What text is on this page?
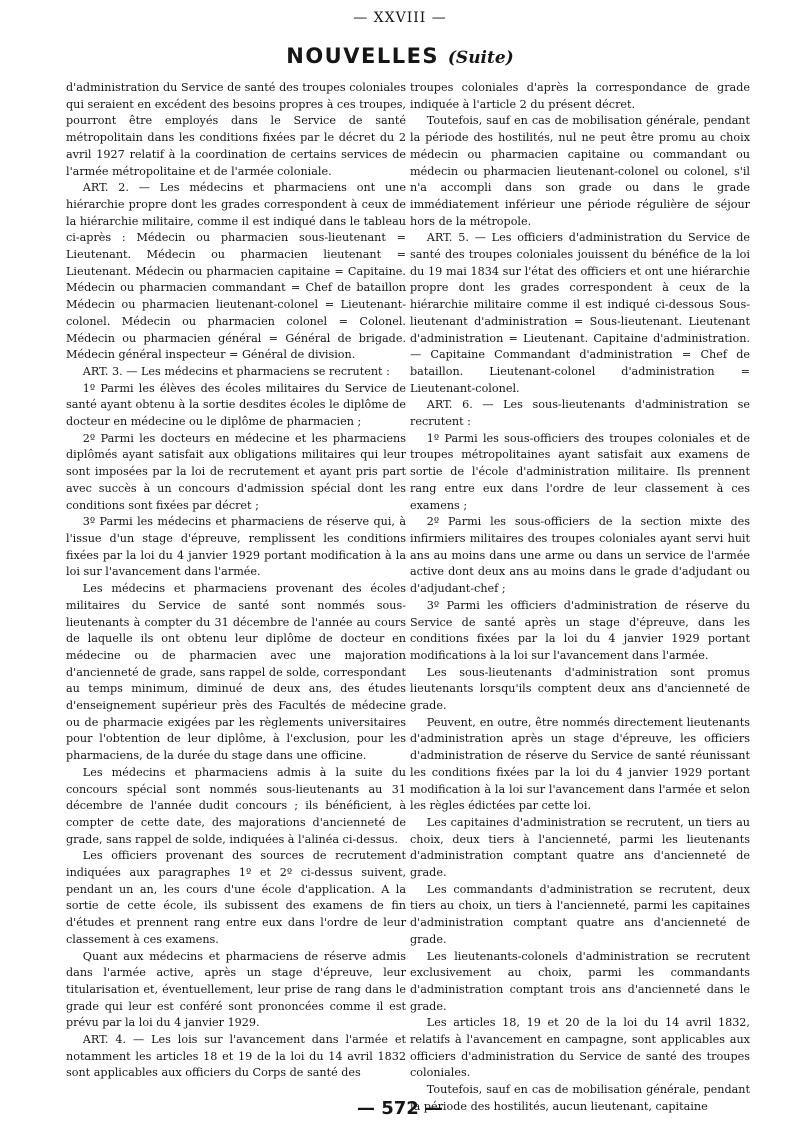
— XXVIII —
NOUVELLES (Suite)

d'administration du Service de santé des troupes coloniales qui seraient en excédent des besoins propres à ces troupes, pourront être employés dans le Service de santé métropolitain dans les conditions fixées par le décret du 2 avril 1927 relatif à la coordination de certains services de l'armée métropolitaine et de l'armée coloniale.

ART. 2. — Les médecins et pharmaciens ont une hiérarchie propre dont les grades correspondent à ceux de la hiérarchie militaire, comme il est indiqué dans le tableau ci-après : Médecin ou pharmacien sous-lieutenant = Lieutenant. Médecin ou pharmacien lieutenant = Lieutenant. Médecin ou pharmacien capitaine = Capitaine. Médecin ou pharmacien commandant = Chef de bataillon Médecin ou pharmacien lieutenant-colonel = Lieutenant-colonel. Médecin ou pharmacien colonel = Colonel. Médecin ou pharmacien général = Général de brigade. Médecin général inspecteur = Général de division.

ART. 3. — Les médecins et pharmaciens se recrutent :

1º Parmi les élèves des écoles militaires du Service de santé ayant obtenu à la sortie desdites écoles le diplôme de docteur en médecine ou le diplôme de pharmacien ;

2º Parmi les docteurs en médecine et les pharmaciens diplômés ayant satisfait aux obligations militaires qui leur sont imposées par la loi de recrutement et ayant pris part avec succès à un concours d'admission spécial dont les conditions sont fixées par décret ;

3º Parmi les médecins et pharmaciens de réserve qui, à l'issue d'un stage d'épreuve, remplissent les conditions fixées par la loi du 4 janvier 1929 portant modification à la loi sur l'avancement dans l'armée.

Les médecins et pharmaciens provenant des écoles militaires du Service de santé sont nommés sous-lieutenants à compter du 31 décembre de l'année au cours de laquelle ils ont obtenu leur diplôme de docteur en médecine ou de pharmacien avec une majoration d'ancienneté de grade, sans rappel de solde, correspondant au temps minimum, diminué de deux ans, des études d'enseignement supérieur près des Facultés de médecine ou de pharmacie exigées par les règlements universitaires pour l'obtention de leur diplôme, à l'exclusion, pour les pharmaciens, de la durée du stage dans une officine.

Les médecins et pharmaciens admis à la suite du concours spécial sont nommés sous-lieutenants au 31 décembre de l'année dudit concours ; ils bénéficient, à compter de cette date, des majorations d'ancienneté de grade, sans rappel de solde, indiquées à l'alinéa ci-dessus.

Les officiers provenant des sources de recrutement indiquées aux paragraphes 1º et 2º ci-dessus suivent, pendant un an, les cours d'une école d'application. A la sortie de cette école, ils subissent des examens de fin d'études et prennent rang entre eux dans l'ordre de leur classement à ces examens.

Quant aux médecins et pharmaciens de réserve admis dans l'armée active, après un stage d'épreuve, leur titularisation et, éventuellement, leur prise de rang dans le grade qui leur est conféré sont prononcées comme il est prévu par la loi du 4 janvier 1929.

ART. 4. — Les lois sur l'avancement dans l'armée et notamment les articles 18 et 19 de la loi du 14 avril 1832 sont applicables aux officiers du Corps de santé des

troupes coloniales d'après la correspondance de grade indiquée à l'article 2 du présent décret.

Toutefois, sauf en cas de mobilisation générale, pendant la période des hostilités, nul ne peut être promu au choix médecin ou pharmacien capitaine ou commandant ou médecin ou pharmacien lieutenant-colonel ou colonel, s'il n'a accompli dans son grade ou dans le grade immédiatement inférieur une période régulière de séjour hors de la métropole.

ART. 5. — Les officiers d'administration du Service de santé des troupes coloniales jouissent du bénéfice de la loi du 19 mai 1834 sur l'état des officiers et ont une hiérarchie propre dont les grades correspondent à ceux de la hiérarchie militaire comme il est indiqué ci-dessous Sous-lieutenant d'administration = Sous-lieutenant. Lieutenant d'administration = Lieutenant. Capitaine d'administration. — Capitaine Commandant d'administration = Chef de bataillon. Lieutenant-colonel d'administration = Lieutenant-colonel.

ART. 6. — Les sous-lieutenants d'administration se recrutent :

1º Parmi les sous-officiers des troupes coloniales et de troupes métropolitaines ayant satisfait aux examens de sortie de l'école d'administration militaire. Ils prennent rang entre eux dans l'ordre de leur classement à ces examens ;

2º Parmi les sous-officiers de la section mixte des infirmiers militaires des troupes coloniales ayant servi huit ans au moins dans une arme ou dans un service de l'armée active dont deux ans au moins dans le grade d'adjudant ou d'adjudant-chef ;

3º Parmi les officiers d'administration de réserve du Service de santé après un stage d'épreuve, dans les conditions fixées par la loi du 4 janvier 1929 portant modifications à la loi sur l'avancement dans l'armée.

Les sous-lieutenants d'administration sont promus lieutenants lorsqu'ils comptent deux ans d'ancienneté de grade.

Peuvent, en outre, être nommés directement lieutenants d'administration après un stage d'épreuve, les officiers d'administration de réserve du Service de santé réunissant les conditions fixées par la loi du 4 janvier 1929 portant modification à la loi sur l'avancement dans l'armée et selon les règles édictées par cette loi.

Les capitaines d'administration se recrutent, un tiers au choix, deux tiers à l'ancienneté, parmi les lieutenants d'administration comptant quatre ans d'ancienneté de grade.

Les commandants d'administration se recrutent, deux tiers au choix, un tiers à l'ancienneté, parmi les capitaines d'administration comptant quatre ans d'ancienneté de grade.

Les lieutenants-colonels d'administration se recrutent exclusivement au choix, parmi les commandants d'administration comptant trois ans d'ancienneté dans le grade.

Les articles 18, 19 et 20 de la loi du 14 avril 1832, relatifs à l'avancement en campagne, sont applicables aux officiers d'administration du Service de santé des troupes coloniales.

Toutefois, sauf en cas de mobilisation générale, pendant la période des hostilités, aucun lieutenant, capitaine

— 572 —
